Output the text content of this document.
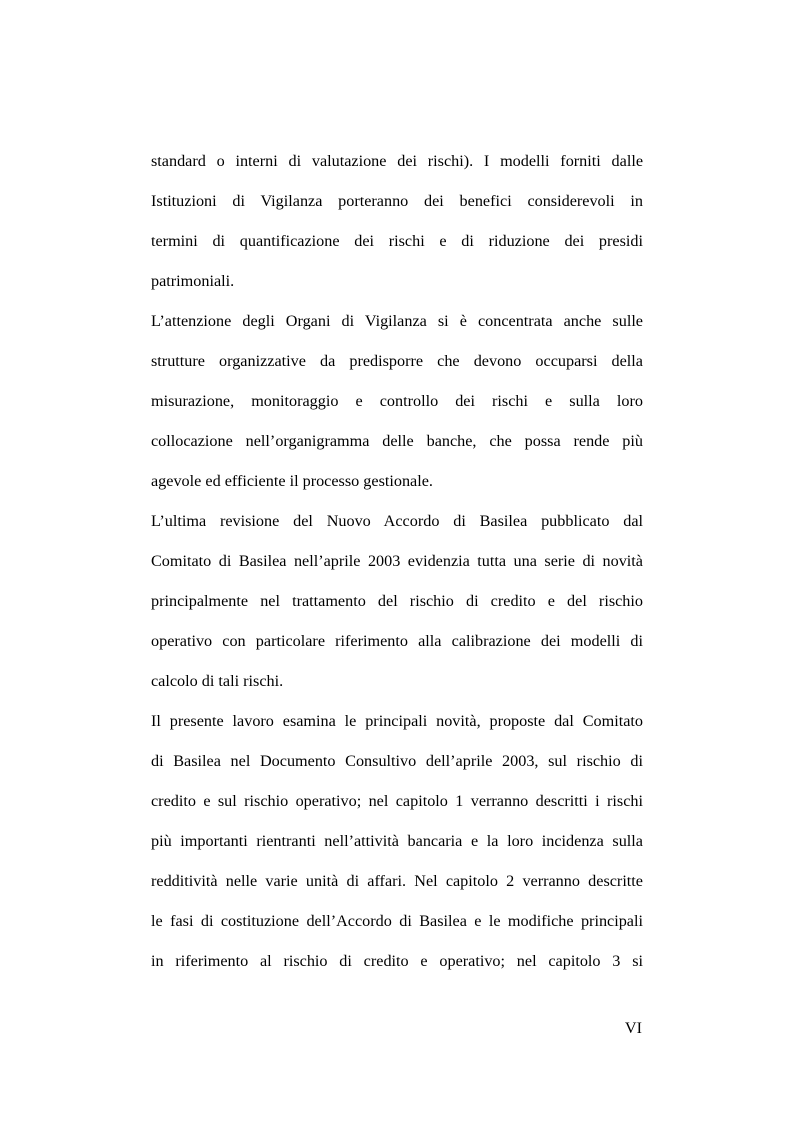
standard o interni di valutazione dei rischi). I modelli forniti dalle
Istituzioni di Vigilanza porteranno dei benefici considerevoli in
termini di quantificazione dei rischi e di riduzione dei presidi
patrimoniali.
L’attenzione degli Organi di Vigilanza si è concentrata anche sulle
strutture organizzative da predisporre che devono occuparsi della
misurazione, monitoraggio e controllo dei rischi e sulla loro
collocazione nell’organigramma delle banche, che possa rende più
agevole ed efficiente il processo gestionale.
L’ultima revisione del Nuovo Accordo di Basilea pubblicato dal
Comitato di Basilea nell’aprile 2003 evidenzia tutta una serie di novità
principalmente nel trattamento del rischio di credito e del rischio
operativo con particolare riferimento alla calibrazione dei modelli di
calcolo di tali rischi.
Il presente lavoro esamina le principali novità, proposte dal Comitato
di Basilea nel Documento Consultivo dell’aprile 2003, sul rischio di
credito e sul rischio operativo; nel capitolo 1 verranno descritti i rischi
più importanti rientranti nell’attività bancaria e la loro incidenza sulla
redditività nelle varie unità di affari. Nel capitolo 2 verranno descritte
le fasi di costituzione dell’Accordo di Basilea e le modifiche principali
in riferimento al rischio di credito e operativo; nel capitolo 3 si
VI
